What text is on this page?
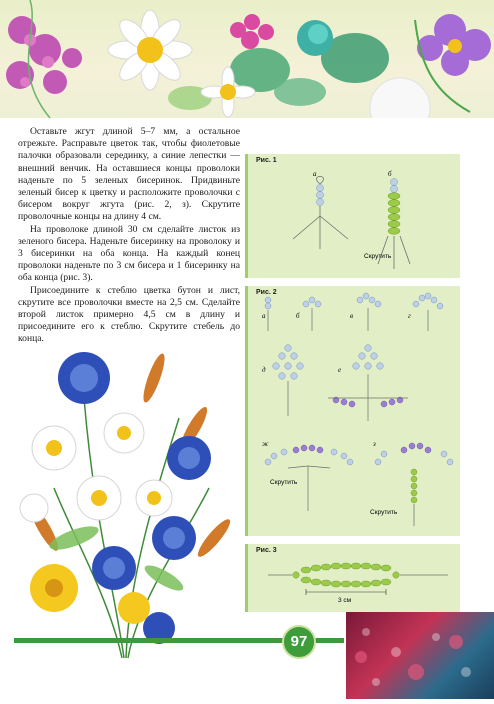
Оставьте жгут длиной 5–7 мм, а остальное отрежьте. Расправьте цветок так, чтобы фиолетовые палочки образовали серединку, а синие лепестки — внешний венчик. На оставшиеся концы проволоки наденьте по 5 зеленых бисеринок. Придвиньте зеленый бисер к цветку и расположите проволочки с бисером вокруг жгута (рис. 2, з). Скрутите проволочные концы на длину 4 см.

На проволоке длиной 30 см сделайте листок из зеленого бисера. Наденьте бисеринку на проволоку и 3 бисеринки на оба конца. На каждый конец проволоки наденьте по 3 см бисера и 1 бисеринку на оба конца (рис. 3).

Присоедините к стеблю цветка бутон и лист, скрутите все проволочки вместе на 2,5 см. Сделайте второй листок примерно 4,5 см в длину и присоедините его к стеблю. Скрутите стебель до конца.

Рис. 1
а	б
Скрутить
Рис. 2
а	б	в	г
д	е
ж	з
Скрутить
Скрутить
Рис. 3
3 см
97
